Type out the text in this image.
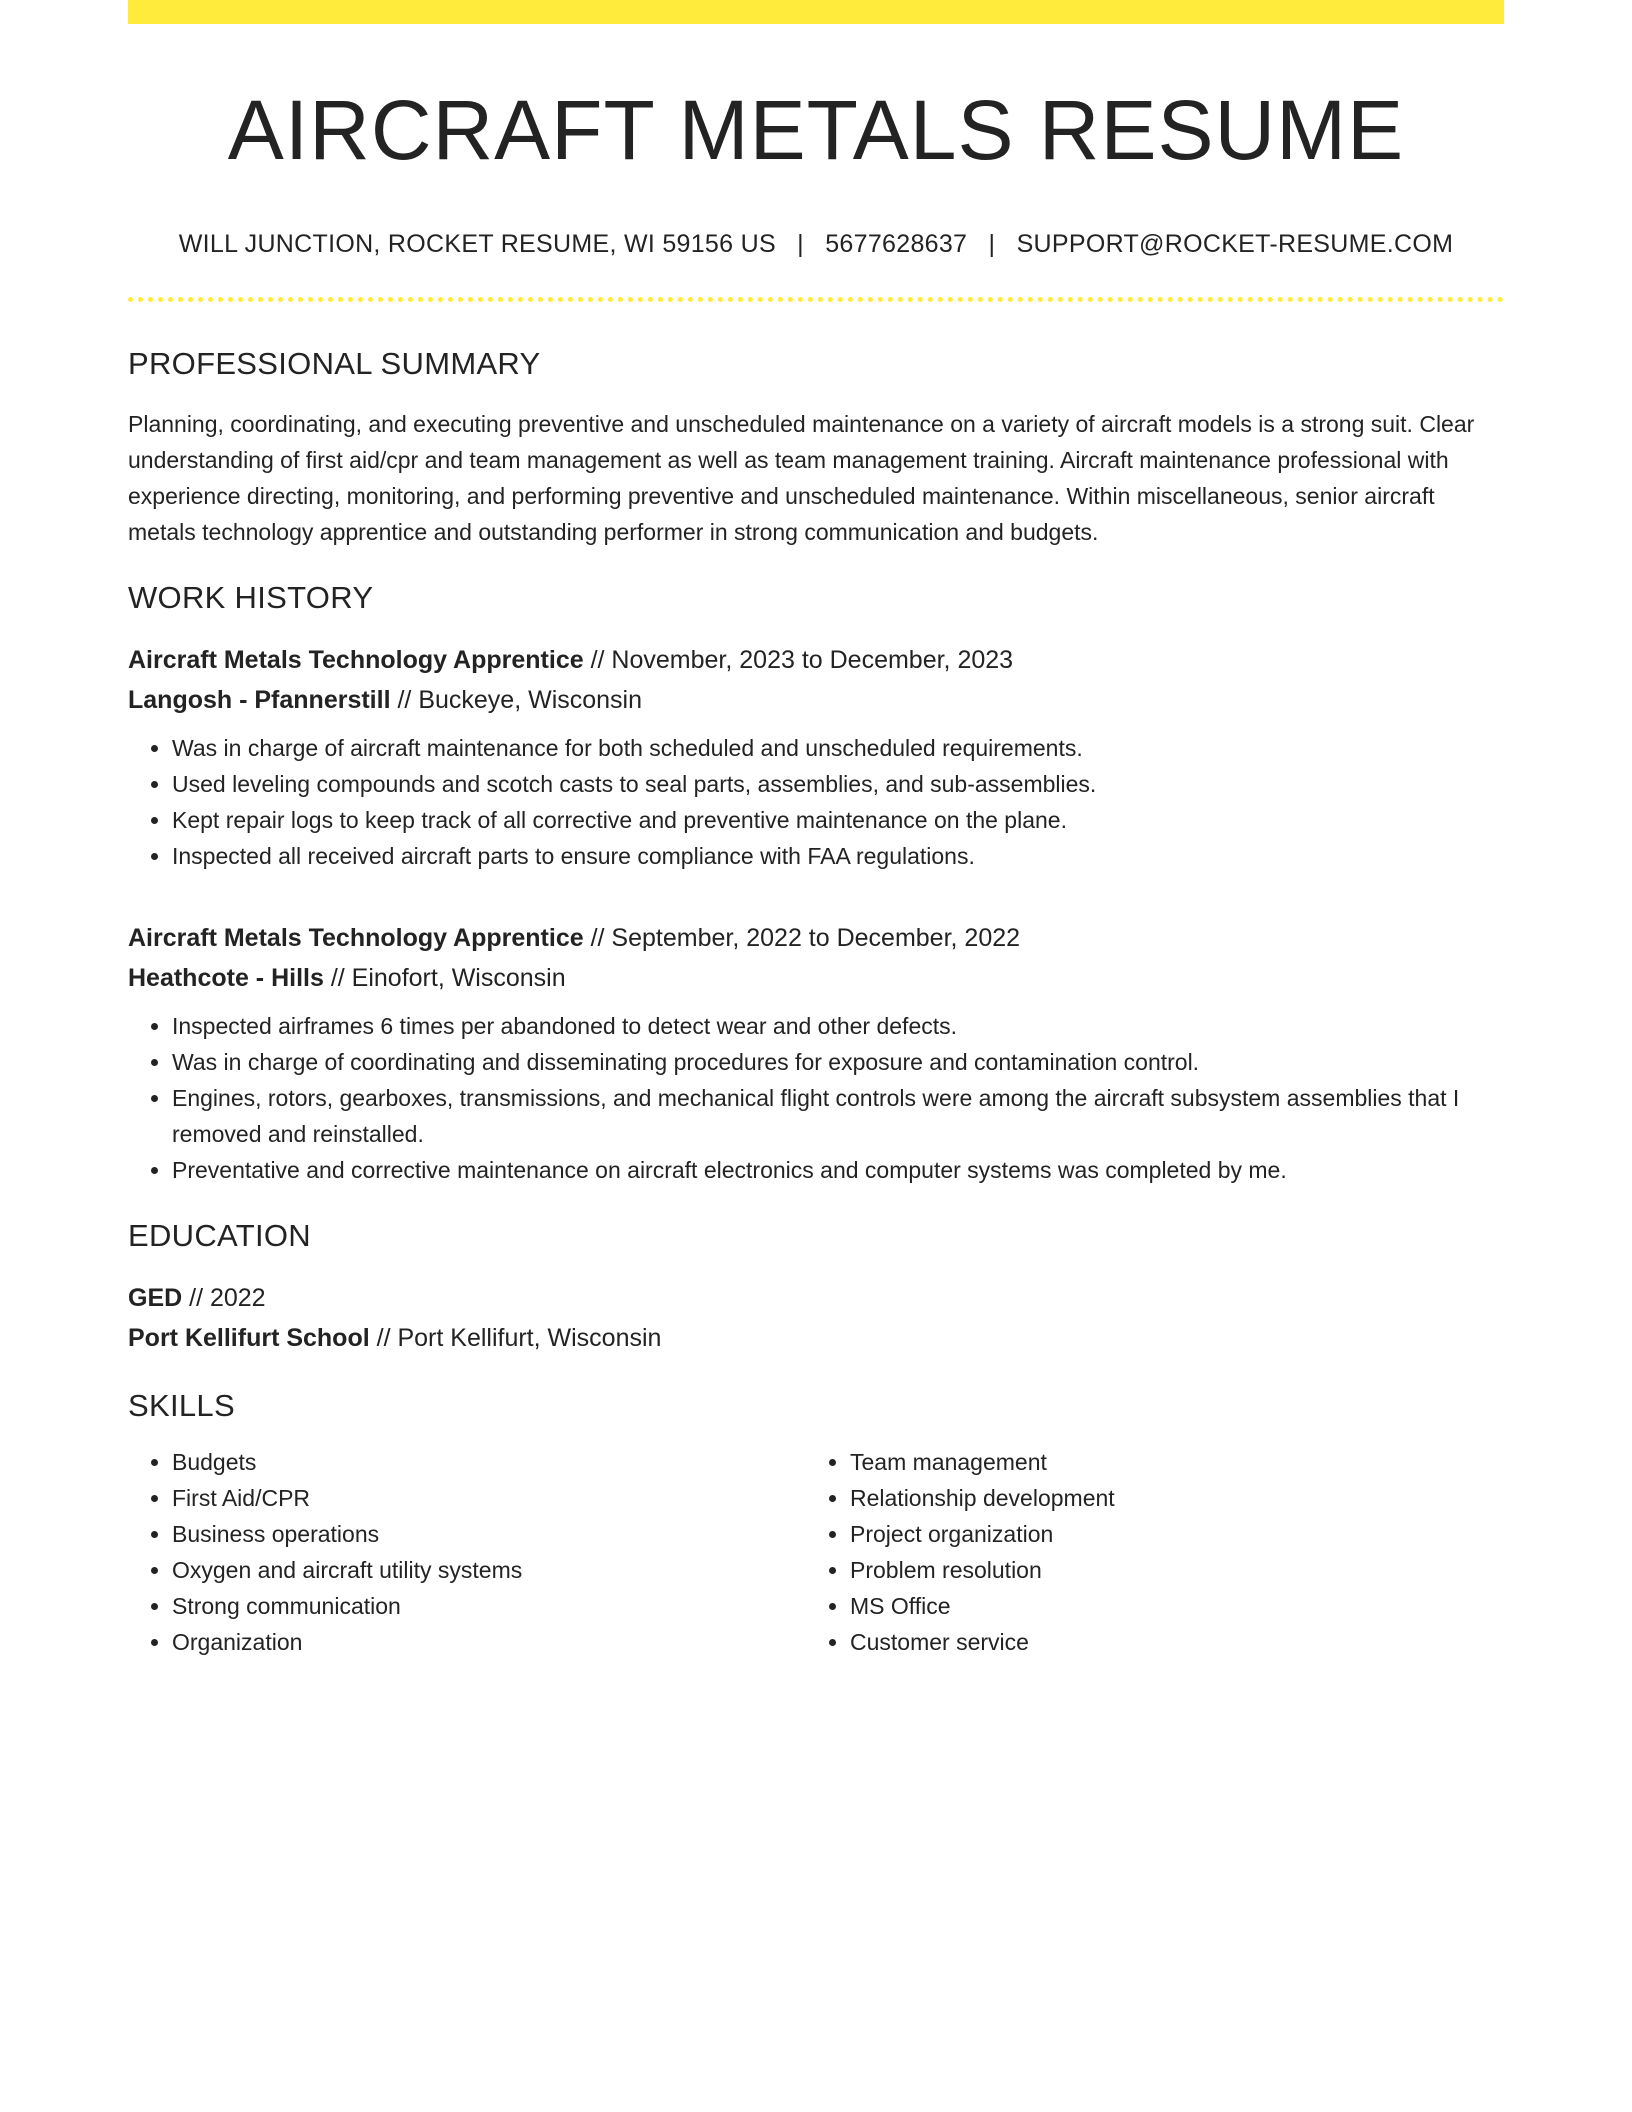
AIRCRAFT METALS RESUME
WILL JUNCTION, ROCKET RESUME, WI 59156 US | 5677628637 | SUPPORT@ROCKET-RESUME.COM
PROFESSIONAL SUMMARY
Planning, coordinating, and executing preventive and unscheduled maintenance on a variety of aircraft models is a strong suit. Clear understanding of first aid/cpr and team management as well as team management training. Aircraft maintenance professional with experience directing, monitoring, and performing preventive and unscheduled maintenance. Within miscellaneous, senior aircraft metals technology apprentice and outstanding performer in strong communication and budgets.
WORK HISTORY
Aircraft Metals Technology Apprentice // November, 2023 to December, 2023
Langosh - Pfannerstill // Buckeye, Wisconsin
• Was in charge of aircraft maintenance for both scheduled and unscheduled requirements.
• Used leveling compounds and scotch casts to seal parts, assemblies, and sub-assemblies.
• Kept repair logs to keep track of all corrective and preventive maintenance on the plane.
• Inspected all received aircraft parts to ensure compliance with FAA regulations.
Aircraft Metals Technology Apprentice // September, 2022 to December, 2022
Heathcote - Hills // Einofort, Wisconsin
• Inspected airframes 6 times per abandoned to detect wear and other defects.
• Was in charge of coordinating and disseminating procedures for exposure and contamination control.
• Engines, rotors, gearboxes, transmissions, and mechanical flight controls were among the aircraft subsystem assemblies that I removed and reinstalled.
• Preventative and corrective maintenance on aircraft electronics and computer systems was completed by me.
EDUCATION
GED // 2022
Port Kellifurt School // Port Kellifurt, Wisconsin
SKILLS
• Budgets
• First Aid/CPR
• Business operations
• Oxygen and aircraft utility systems
• Strong communication
• Organization
• Team management
• Relationship development
• Project organization
• Problem resolution
• MS Office
• Customer service
